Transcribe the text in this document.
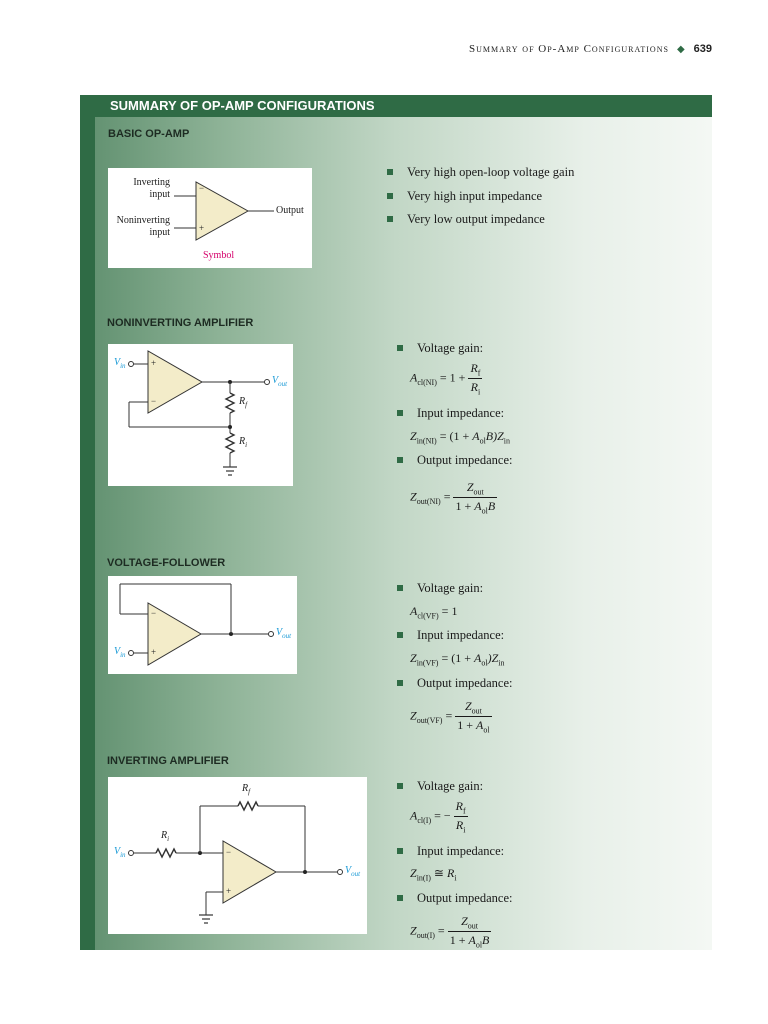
Summary of Op-Amp Configurations ◆ 639
SUMMARY OF OP-AMP CONFIGURATIONS
BASIC OP-AMP
Inverting
input
Noninverting
input
Output
−
+
Symbol
Very high open-loop voltage gain
Very high input impedance
Very low output impedance
NONINVERTING AMPLIFIER
$V_{in}$
$V_{out}$
$R_f$
$R_i$
+
−
Voltage gain:
$A_{cl(NI)} = 1 + \frac{R_f}{R_i}$
Input impedance:
$Z_{in(NI)} = (1 + A_{ol}B)Z_{in}$
Output impedance:
$Z_{out(NI)} = \frac{Z_{out}}{1 + A_{ol}B}$
VOLTAGE-FOLLOWER
$V_{in}$
$V_{out}$
−
+
Voltage gain:
$A_{cl(VF)} = 1$
Input impedance:
$Z_{in(VF)} = (1 + A_{ol})Z_{in}$
Output impedance:
$Z_{out(VF)} = \frac{Z_{out}}{1 + A_{ol}}$
INVERTING AMPLIFIER
$V_{in}$
$V_{out}$
$R_f$
$R_i$
−
+
Voltage gain:
$A_{cl(I)}$ = − $\frac{R_f}{R_i}$
Input impedance:
$Z_{in(I)}$ ≅ $R_i$
Output impedance:
$Z_{out(I)} = \frac{Z_{out}}{1 + A_{ol}B}$
